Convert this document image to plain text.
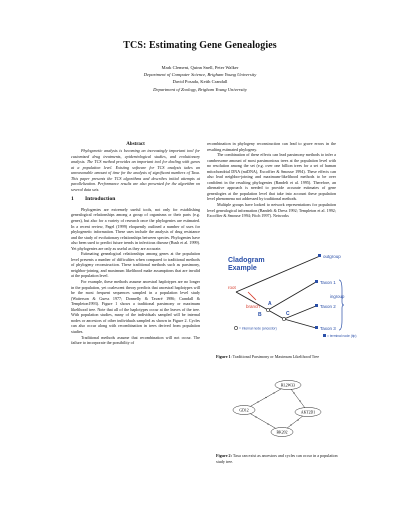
TCS: Estimating Gene Genealogies
Mark Clement, Quinn Snell, Peter Walker
Department of Computer Science, Brigham Young University
David Posada, Keith Crandall
Department of Zoology, Brigham Young University

Abstract

Phylogenetic analysis is becoming an increasingly important tool for customized drug treatments, epidemiological studies, and evolutionary analysis. The TCS method provides an important tool for dealing with genes at a population level. Existing software for TCS analysis takes an unreasonable amount of time for the analysis of significant numbers of Taxa. This paper presents the TCS algorithms and describes initial attempts at parallelization. Performance results are also presented for the algorithm on several data sets.

1 Introduction

Phylogenies are extremely useful tools, not only for establishing genealogical relationships among a group of organisms or their parts (e.g. genes), but also for a variety of research once the phylogenies are estimated. In a recent review, Pagel (1999) eloquently outlined a number of uses for phylogenetic information. These uses include the analysis of drug resistance and the study of evolutionary relationships between species. Phylogenies have also been used to predict future trends in infectious disease (Bush et al. 1999). Yet phylogenies are only as useful as they are accurate.

Estimating genealogical relationships among genes at the population level presents a number of difficulties when compared to traditional methods of phylogeny reconstruction. These traditional methods such as parsimony, neighbor-joining, and maximum likelihood make assumptions that are invalid at the population level.

For example, these methods assume ancestral haplotypes are no longer in the population, yet coalescent theory predicts that ancestral haplotypes will be the most frequent sequences sampled in a population level study (Watterson & Guess 1977; Donnelly & Tavaré 1986; Crandall & Templeton1993). Figure 1 shows a traditional parsimony or maximum likelihood tree. Note that all of the haplotypes occur at the leaves of the tree. With population studies, many of the individuals sampled will be internal nodes or ancestors of other individuals sampled as shown in Figure 2. Cycles can also occur along with recombination in trees derived from population studies.

Traditional methods assume that recombination will not occur. The failure to incorporate the possibility of

recombination in phylogeny reconstruction can lead to grave errors in the resulting estimated phylogeny.

The combination of these effects can lead parsimony methods to infer a cumbersome amount of most parsimonious trees at the population level with no resolution among the set (e.g. over one billion trees for a set of human mitochondrial DNA (mtDNA), Excoffier & Smouse 1994). These effects can also lead neighbor-joining and maximum-likelihood methods to be over confident in the resulting phylogenies (Bandelt et al. 1995). Therefore, an alternative approach is needed to provide accurate estimates of gene genealogies at the population level that take into account these population level phenomena not addressed by traditional methods.

Multiple groups have looked to network representations for population level genealogical information (Bandelt & Dress 1992; Templeton et al. 1992; Excoffier & Smouse 1994; Fitch 1997). Networks

Cladogram
Example
root
branch A
B	C
outgroup
Taxon 1
Taxon 2
Taxon 3
ingroup
= internal node (ancestor)
= terminal node (tip)
Figure 1: Traditional Parsimony or Maximum Likelihood Tree
RL2W33
GD12	AKT2D1
BK202
Figure 2: Taxa can exist as ancestors and cycles can occur in a population study tree.
